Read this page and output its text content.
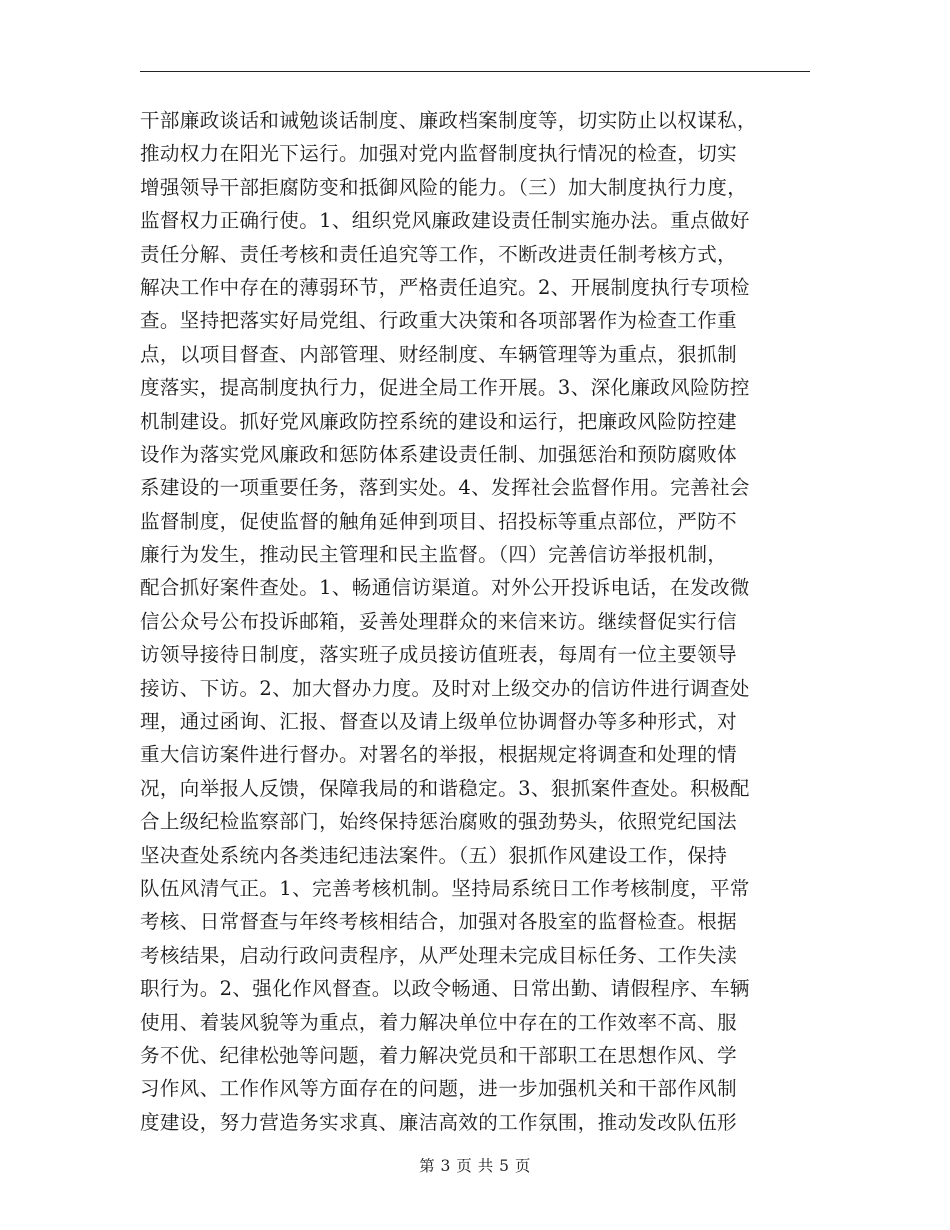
干部廉政谈话和诫勉谈话制度、廉政档案制度等，切实防止以权谋私，
推动权力在阳光下运行。加强对党内监督制度执行情况的检查，切实
增强领导干部拒腐防变和抵御风险的能力。（三）加大制度执行力度，
监督权力正确行使。1、组织党风廉政建设责任制实施办法。重点做好
责任分解、责任考核和责任追究等工作，不断改进责任制考核方式，
解决工作中存在的薄弱环节，严格责任追究。2、开展制度执行专项检
查。坚持把落实好局党组、行政重大决策和各项部署作为检查工作重
点，以项目督查、内部管理、财经制度、车辆管理等为重点，狠抓制
度落实，提高制度执行力，促进全局工作开展。3、深化廉政风险防控
机制建设。抓好党风廉政防控系统的建设和运行，把廉政风险防控建
设作为落实党风廉政和惩防体系建设责任制、加强惩治和预防腐败体
系建设的一项重要任务，落到实处。4、发挥社会监督作用。完善社会
监督制度，促使监督的触角延伸到项目、招投标等重点部位，严防不
廉行为发生，推动民主管理和民主监督。（四）完善信访举报机制，
配合抓好案件查处。1、畅通信访渠道。对外公开投诉电话，在发改微
信公众号公布投诉邮箱，妥善处理群众的来信来访。继续督促实行信
访领导接待日制度，落实班子成员接访值班表，每周有一位主要领导
接访、下访。2、加大督办力度。及时对上级交办的信访件进行调查处
理，通过函询、汇报、督查以及请上级单位协调督办等多种形式，对
重大信访案件进行督办。对署名的举报，根据规定将调查和处理的情
况，向举报人反馈，保障我局的和谐稳定。3、狠抓案件查处。积极配
合上级纪检监察部门，始终保持惩治腐败的强劲势头，依照党纪国法
坚决查处系统内各类违纪违法案件。（五）狠抓作风建设工作，保持
队伍风清气正。1、完善考核机制。坚持局系统日工作考核制度，平常
考核、日常督查与年终考核相结合，加强对各股室的监督检查。根据
考核结果，启动行政问责程序，从严处理未完成目标任务、工作失渎
职行为。2、强化作风督查。以政令畅通、日常出勤、请假程序、车辆
使用、着装风貌等为重点，着力解决单位中存在的工作效率不高、服
务不优、纪律松弛等问题，着力解决党员和干部职工在思想作风、学
习作风、工作作风等方面存在的问题，进一步加强机关和干部作风制
度建设，努力营造务实求真、廉洁高效的工作氛围，推动发改队伍形
第 3 页 共 5 页
